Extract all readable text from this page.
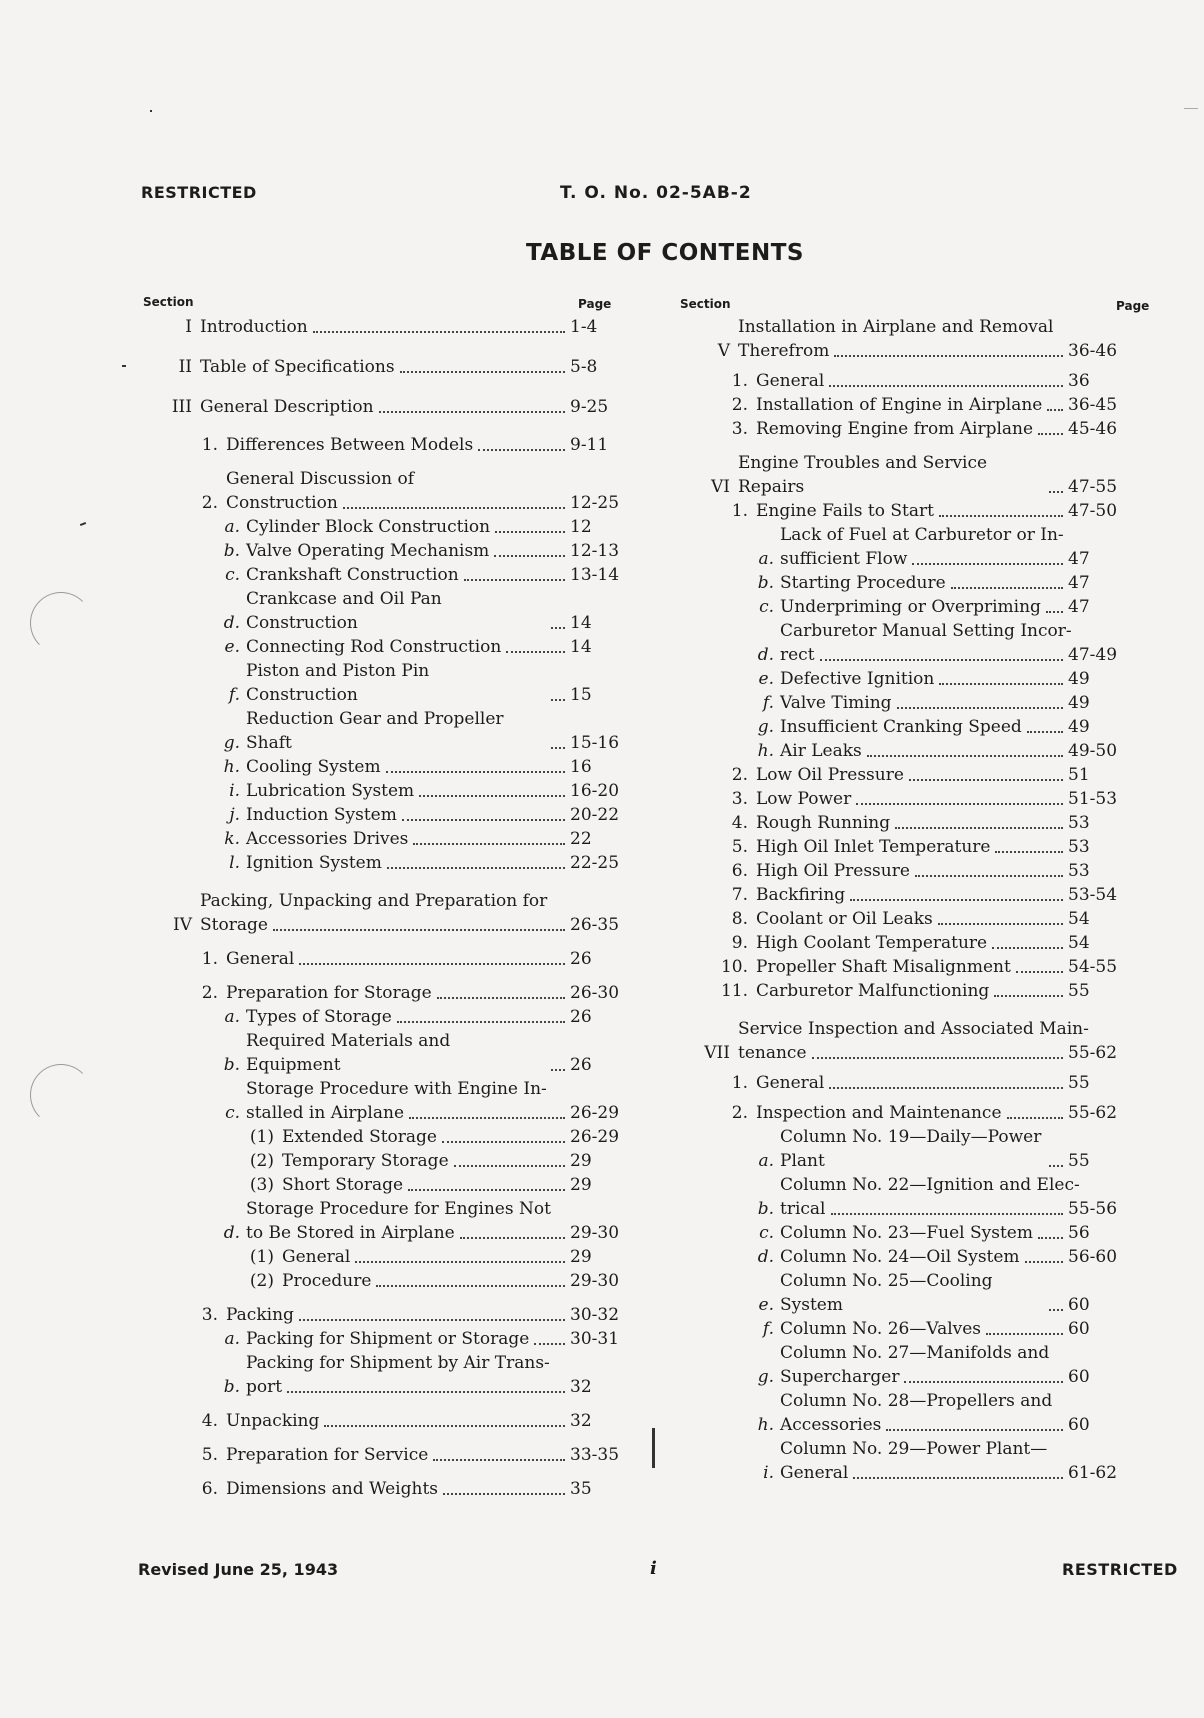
RESTRICTED	T. O. No. 02-5AB-2
TABLE OF CONTENTS
Section	Page	Section	Page
I Introduction	1-4
II Table of Specifications	5-8
III General Description	9-25
1. Differences Between Models	9-11
2.
General Discussion of
Construction	12-25
a. Cylinder Block Construction	12
b. Valve Operating Mechanism	12-13
c. Crankshaft Construction	13-14
d.
Crankcase and Oil Pan Construction	14
e. Connecting Rod Construction	14
f.
Piston and Piston Pin Construction	15
g.
Reduction Gear and Propeller Shaft	15-16
h. Cooling System	16
i. Lubrication System	16-20
j. Induction System	20-22
k. Accessories Drives	22
l. Ignition System	22-25
IV
Packing, Unpacking and Preparation for
Storage	26-35
1. General	26
2. Preparation for Storage	26-30
a. Types of Storage	26
b.
Required Materials and Equipment	26
c.
Storage Procedure with Engine In-
stalled in Airplane	26-29
(1) Extended Storage	26-29
(2) Temporary Storage	29
(3) Short Storage	29
d.
Storage Procedure for Engines Not
to Be Stored in Airplane	29-30
(1) General	29
(2) Procedure	29-30
3. Packing	30-32
a. Packing for Shipment or Storage 30-31
b.
Packing for Shipment by Air Trans-
port	32
4. Unpacking	32
5. Preparation for Service	33-35
6. Dimensions and Weights	35
V
Installation in Airplane and Removal
Therefrom	36-46
1. General	36
2. Installation of Engine in Airplane 36-45
3. Removing Engine from Airplane 45-46
VI
Engine Troubles and Service Repairs	47-55
1. Engine Fails to Start	47-50
a.
Lack of Fuel at Carburetor or In-
sufficient Flow	47
b. Starting Procedure	47
c. Underpriming or Overpriming 47
d.
Carburetor Manual Setting Incor-
rect	47-49
e. Defective Ignition	49
f. Valve Timing	49
g. Insufficient Cranking Speed	49
h. Air Leaks	49-50
2. Low Oil Pressure	51
3. Low Power	51-53
4. Rough Running	53
5. High Oil Inlet Temperature	53
6. High Oil Pressure	53
7. Backfiring	53-54
8. Coolant or Oil Leaks	54
9. High Coolant Temperature	54
10. Propeller Shaft Misalignment	54-55
11. Carburetor Malfunctioning	55
VII
Service Inspection and Associated Main-
tenance	55-62
1. General	55
2. Inspection and Maintenance	55-62
a.
Column No. 19—Daily—Power Plant	55
b.
Column No. 22—Ignition and Elec-
trical	55-56
c. Column No. 23—Fuel System 56
d. Column No. 24—Oil System	56-60
e.
Column No. 25—Cooling System	60
f. Column No. 26—Valves	60
g.
Column No. 27—Manifolds and
Supercharger	60
h.
Column No. 28—Propellers and
Accessories	60
i.
Column No. 29—Power Plant—
General	61-62
Revised June 25, 1943	i	RESTRICTED
